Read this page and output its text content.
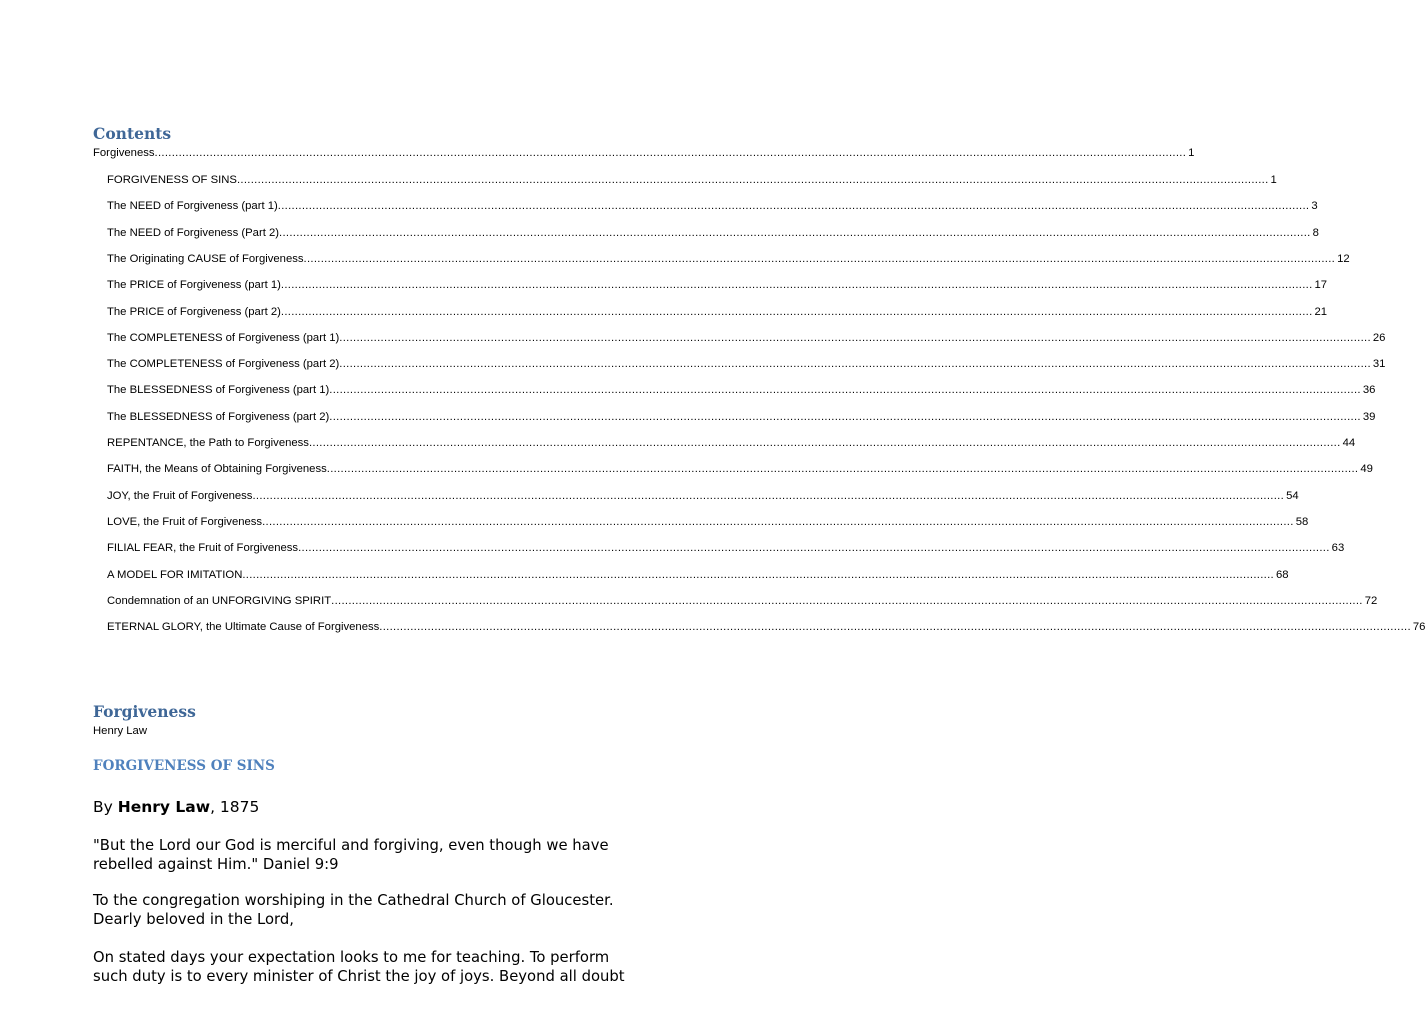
Contents
Forgiveness ............................................................................................................................................................................................................................................................................................................ 1
FORGIVENESS OF SINS ............................................................................................................................................................................................................................................................................................................ 1
The NEED of Forgiveness (part 1) ............................................................................................................................................................................................................................................................................................................ 3
The NEED of Forgiveness (Part 2) ............................................................................................................................................................................................................................................................................................................ 8
The Originating CAUSE of Forgiveness ............................................................................................................................................................................................................................................................................................................ 12
The PRICE of Forgiveness (part 1) ............................................................................................................................................................................................................................................................................................................ 17
The PRICE of Forgiveness (part 2) ............................................................................................................................................................................................................................................................................................................ 21
The COMPLETENESS of Forgiveness (part 1) ............................................................................................................................................................................................................................................................................................................ 26
The COMPLETENESS of Forgiveness (part 2) ............................................................................................................................................................................................................................................................................................................ 31
The BLESSEDNESS of Forgiveness (part 1) ............................................................................................................................................................................................................................................................................................................ 36
The BLESSEDNESS of Forgiveness (part 2) ............................................................................................................................................................................................................................................................................................................ 39
REPENTANCE, the Path to Forgiveness ............................................................................................................................................................................................................................................................................................................ 44
FAITH, the Means of Obtaining Forgiveness ............................................................................................................................................................................................................................................................................................................ 49
JOY, the Fruit of Forgiveness ............................................................................................................................................................................................................................................................................................................ 54
LOVE, the Fruit of Forgiveness ............................................................................................................................................................................................................................................................................................................ 58
FILIAL FEAR, the Fruit of Forgiveness ............................................................................................................................................................................................................................................................................................................ 63
A MODEL FOR IMITATION ............................................................................................................................................................................................................................................................................................................ 68
Condemnation of an UNFORGIVING SPIRIT ............................................................................................................................................................................................................................................................................................................ 72
ETERNAL GLORY, the Ultimate Cause of Forgiveness ............................................................................................................................................................................................................................................................................................................ 76
Forgiveness
Henry Law
FORGIVENESS OF SINS
By Henry Law, 1875

"But the Lord our God is merciful and forgiving, even though we have
rebelled against Him." Daniel 9:9

To the congregation worshiping in the Cathedral Church of Gloucester.
Dearly beloved in the Lord,

On stated days your expectation looks to me for teaching. To perform
such duty is to every minister of Christ the joy of joys. Beyond all doubt
